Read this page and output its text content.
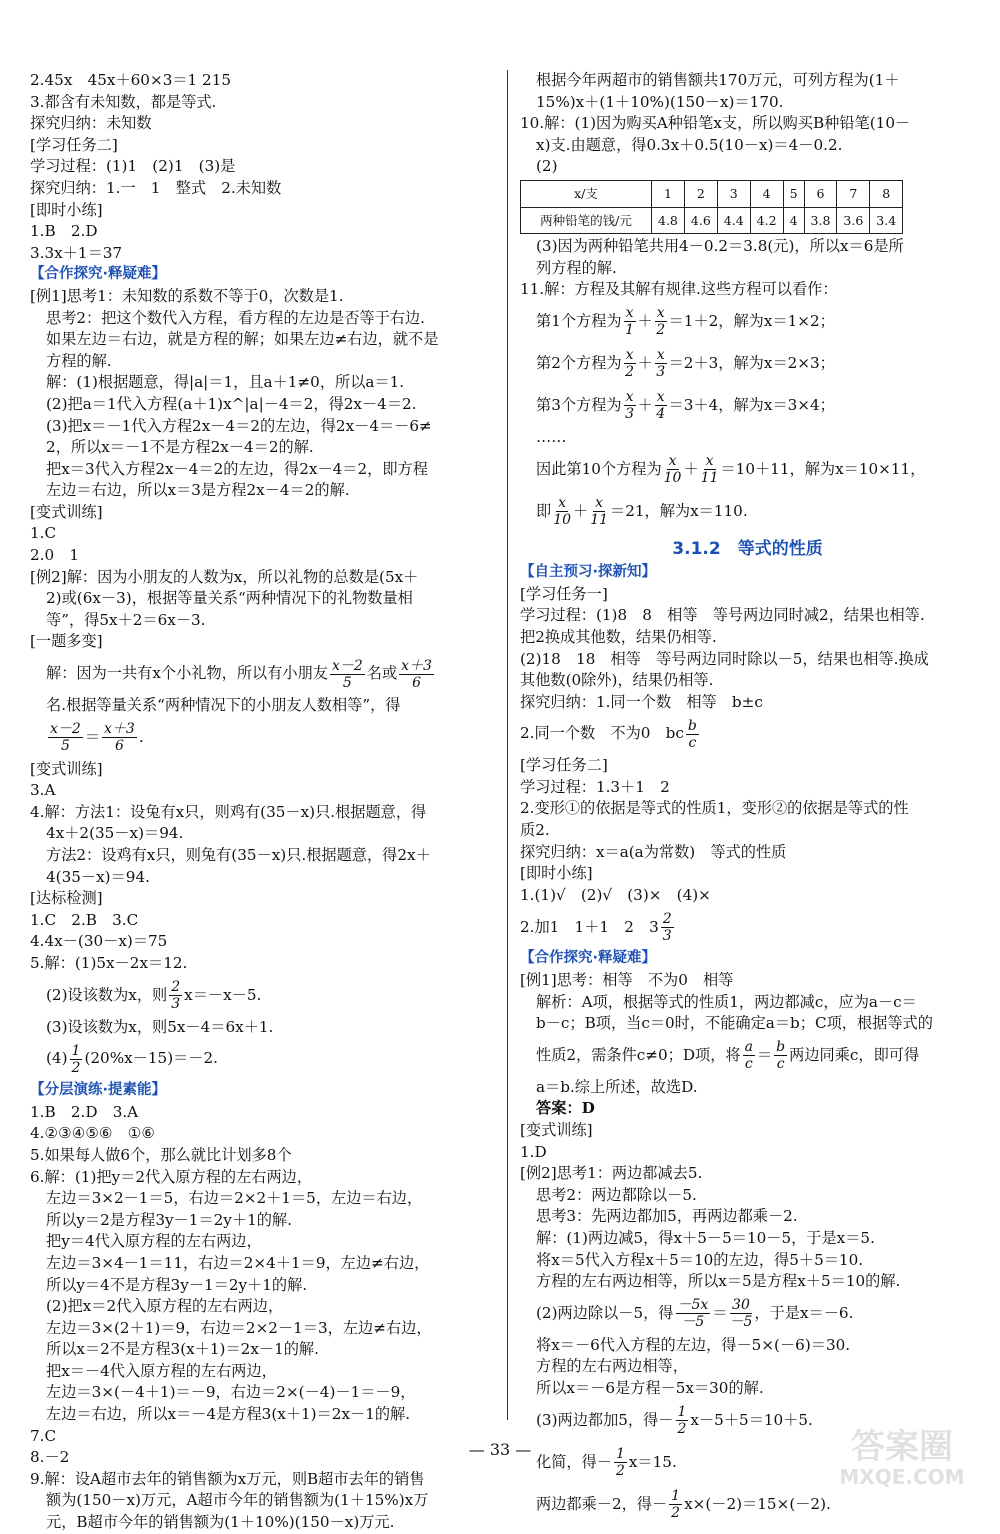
2.45x　45x＋60×3＝1 215
3.都含有未知数，都是等式.
探究归纳：未知数
[学习任务二]
学习过程：(1)1　(2)1　(3)是
探究归纳：1.一　1　整式　2.未知数
[即时小练]
1.B　2.D
3.3x＋1＝37
【合作探究·释疑难】
[例1]思考1：未知数的系数不等于0，次数是1.
思考2：把这个数代入方程，看方程的左边是否等于右边.
如果左边＝右边，就是方程的解；如果左边≠右边，就不是
方程的解.
解：(1)根据题意，得|a|＝1，且a＋1≠0，所以a＝1.
(2)把a＝1代入方程(a＋1)x^|a|－4＝2，得2x－4＝2.
(3)把x＝－1代入方程2x－4＝2的左边，得2x－4＝－6≠
2，所以x＝－1不是方程2x－4＝2的解.
把x＝3代入方程2x－4＝2的左边，得2x－4＝2，即方程
左边＝右边，所以x＝3是方程2x－4＝2的解.
[变式训练]
1.C
2.0　1
[例2]解：因为小朋友的人数为x，所以礼物的总数是(5x＋
2)或(6x－3)，根据等量关系“两种情况下的礼物数量相
等”，得5x＋2＝6x－3.
[一题多变]
解：因为一共有x个小礼物，所以有小朋友 $\frac{x-2}{5}$ 名或 $\frac{x+3}{6}$
名.根据等量关系“两种情况下的小朋友人数相等”，得
$\frac{x-2}{5} = \frac{x+3}{6}$ .
[变式训练]
3.A
4.解：方法1：设兔有x只，则鸡有(35－x)只.根据题意，得
4x＋2(35－x)＝94.
方法2：设鸡有x只，则兔有(35－x)只.根据题意，得2x＋
4(35－x)＝94.
[达标检测]
1.C　2.B　3.C
4.4x－(30－x)＝75
5.解：(1)5x－2x＝12.
(2)设该数为x，则 $\frac{2}{3} x=-x-5$.
(3)设该数为x，则5x－4＝6x＋1.
$(4) \frac{1}{2} (20\%x-15)=-2$.
【分层演练·提素能】
1.B　2.D　3.A
4.②③④⑤⑥　①⑥
5.如果每人做6个，那么就比计划多8个
6.解：(1)把y＝2代入原方程的左右两边，
左边＝3×2－1＝5，右边＝2×2＋1＝5，左边＝右边，
所以y＝2是方程3y－1＝2y＋1的解.
把y＝4代入原方程的左右两边，
左边＝3×4－1＝11，右边＝2×4＋1＝9，左边≠右边，
所以y＝4不是方程3y－1＝2y＋1的解.
(2)把x＝2代入原方程的左右两边，
左边＝3×(2＋1)＝9，右边＝2×2－1＝3，左边≠右边，
所以x＝2不是方程3(x＋1)＝2x－1的解.
把x＝－4代入原方程的左右两边，
左边＝3×(－4＋1)＝－9，右边＝2×(－4)－1＝－9，
左边＝右边，所以x＝－4是方程3(x＋1)＝2x－1的解.
7.C
8.－2
9.解：设A超市去年的销售额为x万元，则B超市去年的销售
额为(150－x)万元，A超市今年的销售额为(1＋15%)x万
元，B超市今年的销售额为(1＋10%)(150－x)万元.
根据今年两超市的销售额共170万元，可列方程为(1＋
15%)x＋(1＋10%)(150－x)＝170.
10.解：(1)因为购买A种铅笔x支，所以购买B种铅笔(10－
x)支.由题意，得0.3x＋0.5(10－x)＝4－0.2.
(2)
x/支	1	2	3	4	5	6	7	8
两种铅笔的钱/元	4.8	4.6	4.4	4.2	4	3.8	3.6	3.4
(3)因为两种铅笔共用4－0.2＝3.8(元)，所以x＝6是所
列方程的解.
11.解：方程及其解有规律.这些方程可以看作：
第1个方程为 $\frac{x}{1} + \frac{x}{2} =1+2$，解为x＝1×2；
第2个方程为 $\frac{x}{2} + \frac{x}{3} =2+3$，解为x＝2×3；
第3个方程为 $\frac{x}{3} + \frac{x}{4} =3+4$，解为x＝3×4；
……
因此第10个方程为 $\frac{x}{10} + \frac{x}{11} =10+11$，解为x＝10×11，
即 $\frac{x}{10} + \frac{x}{11} =21$，解为x＝110.
3.1.2　等式的性质
【自主预习·探新知】
[学习任务一]
学习过程：(1)8　8　相等　等号两边同时减2，结果也相等.
把2换成其他数，结果仍相等.
(2)18　18　相等　等号两边同时除以－5，结果也相等.换成
其他数(0除外)，结果仍相等.
探究归纳：1.同一个数　相等　b±c
2.同一个数　不为0　bc $\frac{b}{c}$
[学习任务二]
学习过程：1.3＋1　2
2.变形①的依据是等式的性质1，变形②的依据是等式的性
质2.
探究归纳：x＝a(a为常数)　等式的性质
[即时小练]
1.(1)√　(2)√　(3)×　(4)×
2.加1　1＋1　2　$3 \frac{2}{3}$
【合作探究·释疑难】
[例1]思考：相等　不为0　相等
解析：A项，根据等式的性质1，两边都减c，应为a－c＝
b－c；B项，当c＝0时，不能确定a＝b；C项，根据等式的
性质2，需条件c≠0；D项，将 $\frac{a}{c} = \frac{b}{c}$ 两边同乘c，即可得
a＝b.综上所述，故选D.
答案：D
[变式训练]
1.D
[例2]思考1：两边都减去5.
思考2：两边都除以－5.
思考3：先两边都加5，再两边都乘－2.
解：(1)两边减5，得x＋5－5＝10－5，于是x＝5.
将x＝5代入方程x＋5＝10的左边，得5＋5＝10.
方程的左右两边相等，所以x＝5是方程x＋5＝10的解.
(2)两边除以－5，得 $\frac{-5x}{-5} = \frac{30}{-5}$ ，于是x＝－6.
将x＝－6代入方程的左边，得－5×(－6)＝30.
方程的左右两边相等，
所以x＝－6是方程－5x＝30的解.
(3)两边都加5，得－ $\frac{1}{2} x-5+5=10+5$.
化简，得－ $\frac{1}{2} x=15$.
两边都乘－2，得－ $\frac{1}{2} x\times(-2)=15\times(-2)$.
— 33 —	答案圈
MXQE.COM
